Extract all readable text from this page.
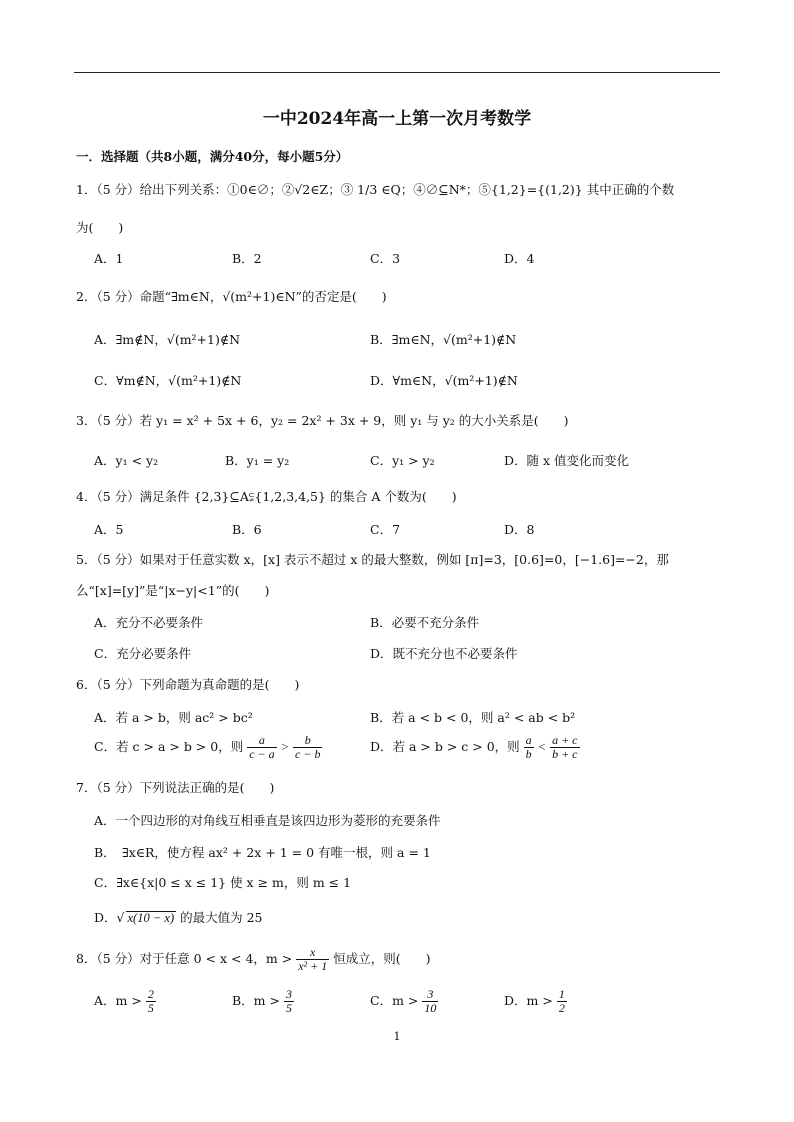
一中2024年高一上第一次月考数学
一．选择题（共8小题，满分40分，每小题5分）
1．（5 分）给出下列关系：①0∈∅；②√2∈Z；③ 1/3 ∈Q；④∅⊆N*；⑤{1,2}={(1,2)} 其中正确的个数
为(　　)
A．1	B．2	C．3	D．4
2．（5 分）命题“∃m∈N，√(m²+1)∈N”的否定是(　　)
A．∃m∉N，√(m²+1)∉N	B．∃m∈N，√(m²+1)∉N
C．∀m∉N，√(m²+1)∉N	D．∀m∈N，√(m²+1)∉N
3．（5 分）若 y₁ = x² + 5x + 6，y₂ = 2x² + 3x + 9，则 y₁ 与 y₂ 的大小关系是(　　)
A．y₁ < y₂	B．y₁ = y₂	C．y₁ > y₂	D．随 x 值变化而变化
4．（5 分）满足条件 {2,3}⊆A⫋{1,2,3,4,5} 的集合 A 个数为(　　)
A．5	B．6	C．7	D．8
5．（5 分）如果对于任意实数 x，[x] 表示不超过 x 的最大整数，例如 [π]=3，[0.6]=0，[−1.6]=−2，那
么“[x]=[y]”是“|x−y|<1”的(　　)
A．充分不必要条件	B．必要不充分条件
C．充分必要条件	D．既不充分也不必要条件
6．（5 分）下列命题为真命题的是(　　)
A．若 a > b，则 ac² > bc²	B．若 a < b < 0，则 a² < ab < b²
C．若 c > a > b > 0，则 $\frac{a}{c - a} > \frac{b}{c - b}$	D．若 a > b > c > 0，则 $\frac{a}{b} < \frac{a + c}{b + c}$
7．（5 分）下列说法正确的是(　　)
A．一个四边形的对角线互相垂直是该四边形为菱形的充要条件
B．　∃x∈R，使方程 ax² + 2x + 1 = 0 有唯一根，则 a = 1
C．∃x∈{x|0 ≤ x ≤ 1} 使 x ≥ m，则 m ≤ 1
D．√ x(10 − x) 的最大值为 25
8．（5 分）对于任意 0 < x < 4，$m > \frac{x}{\text{x² + 1}}$ 恒成立，则(　　)
A．$m > \frac{2}{5}$	B．$m > \frac{3}{5}$	C．$m > \frac{3}{10}$	D．$m > \frac{1}{2}$
1
